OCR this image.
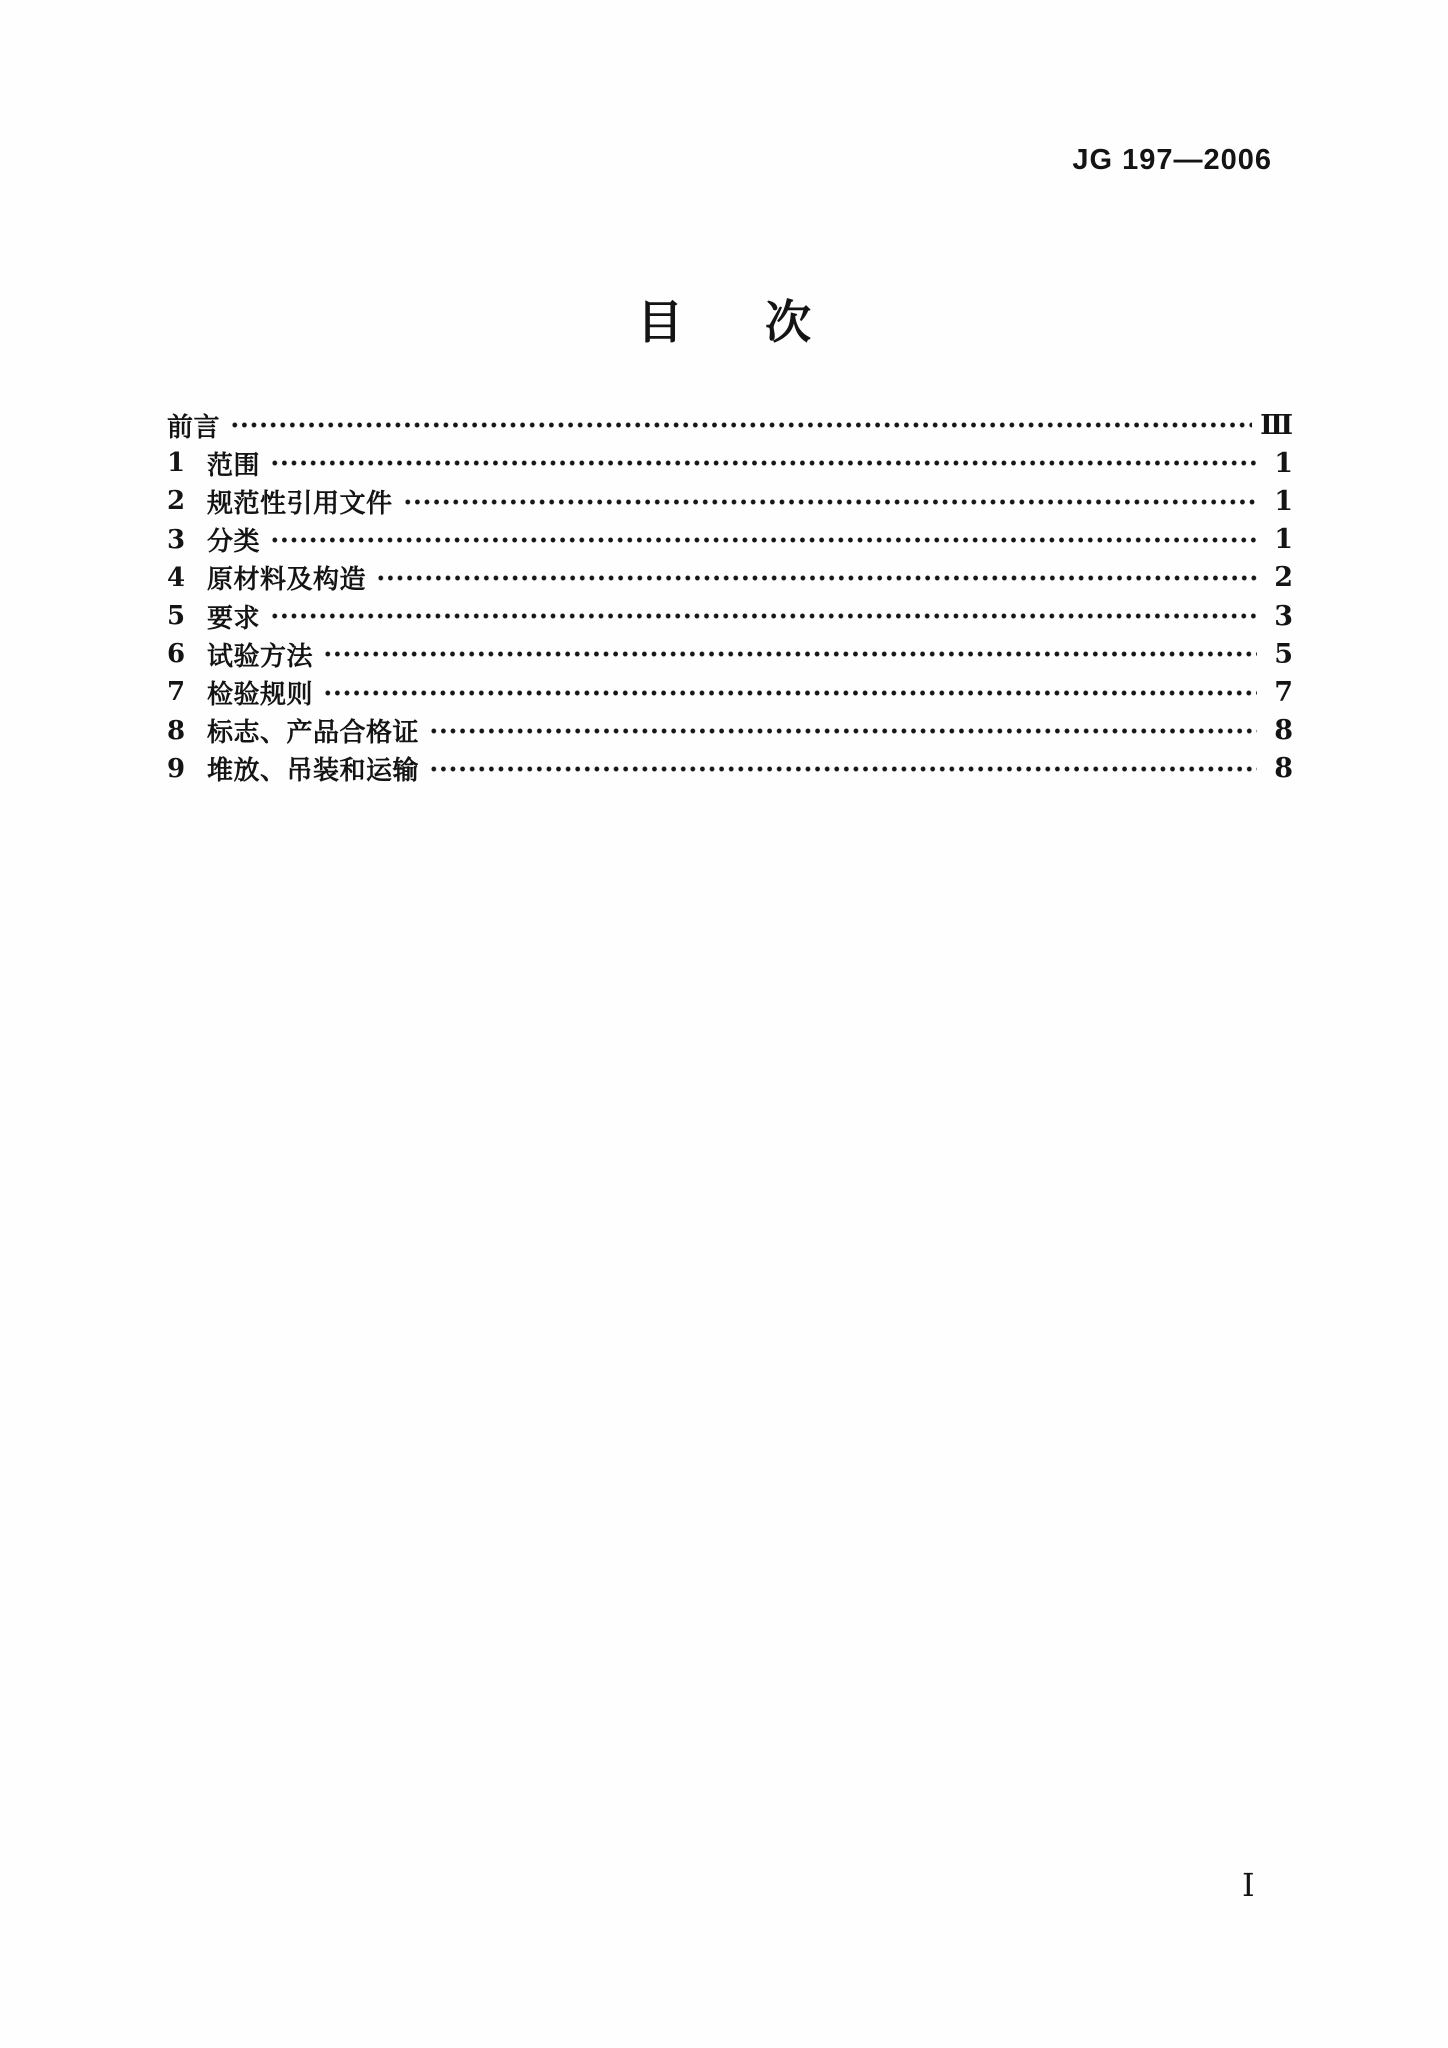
JG 197—2006
目 次
前言	Ⅲ
1 范围	1
2 规范性引用文件	1
3 分类	1
4 原材料及构造	2
5 要求	3
6 试验方法	5
7 检验规则	7
8 标志、产品合格证	8
9 堆放、吊装和运输	8
I
